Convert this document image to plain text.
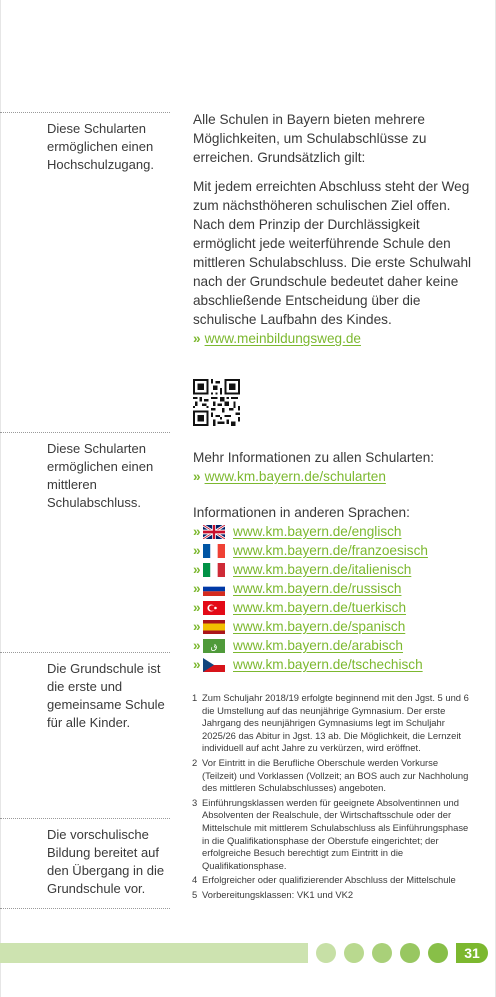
Diese Schularten ermöglichen einen Hochschulzugang.
Diese Schularten ermöglichen einen mittleren Schulabschluss.
Die Grundschule ist die erste und gemeinsame Schule für alle Kinder.
Die vorschulische Bildung bereitet auf den Übergang in die Grundschule vor.

Alle Schulen in Bayern bieten mehrere Möglichkeiten, um Schulabschlüsse zu erreichen. Grundsätzlich gilt:

Mit jedem erreichten Abschluss steht der Weg zum nächsthöheren schulischen Ziel offen. Nach dem Prinzip der Durchlässigkeit ermöglicht jede weiterführende Schule den mittleren Schulabschluss. Die erste Schulwahl nach der Grundschule bedeutet daher keine abschließende Entscheidung über die schulische Laufbahn des Kindes.

» www.meinbildungsweg.de

Mehr Informationen zu allen Schularten:

» www.km.bayern.de/schularten

Informationen in anderen Sprachen:

» www.km.bayern.de/englisch
» www.km.bayern.de/franzoesisch
» www.km.bayern.de/italienisch
» www.km.bayern.de/russisch
» www.km.bayern.de/tuerkisch
» www.km.bayern.de/spanisch
» ق www.km.bayern.de/arabisch
» www.km.bayern.de/tschechisch
1 Zum Schuljahr 2018/19 erfolgte beginnend mit den Jgst. 5 und 6 die Umstellung auf das neunjährige Gymnasium. Der erste Jahrgang des neunjährigen Gymnasiums legt im Schuljahr 2025/26 das Abitur in Jgst. 13 ab. Die Möglichkeit, die Lernzeit individuell auf acht Jahre zu verkürzen, wird eröffnet.
2 Vor Eintritt in die Berufliche Oberschule werden Vorkurse (Teilzeit) und Vorklassen (Vollzeit; an BOS auch zur Nachholung des mittleren Schulabschlusses) angeboten.
3 Einführungsklassen werden für geeignete Absolventinnen und Absolventen der Realschule, der Wirtschaftsschule oder der Mittelschule mit mittlerem Schulabschluss als Einführungsphase in die Qualifikationsphase der Oberstufe eingerichtet; der erfolgreiche Besuch berechtigt zum Eintritt in die Qualifikationsphase.
4 Erfolgreicher oder qualifizierender Abschluss der Mittelschule
5 Vorbereitungsklassen: VK1 und VK2
31
